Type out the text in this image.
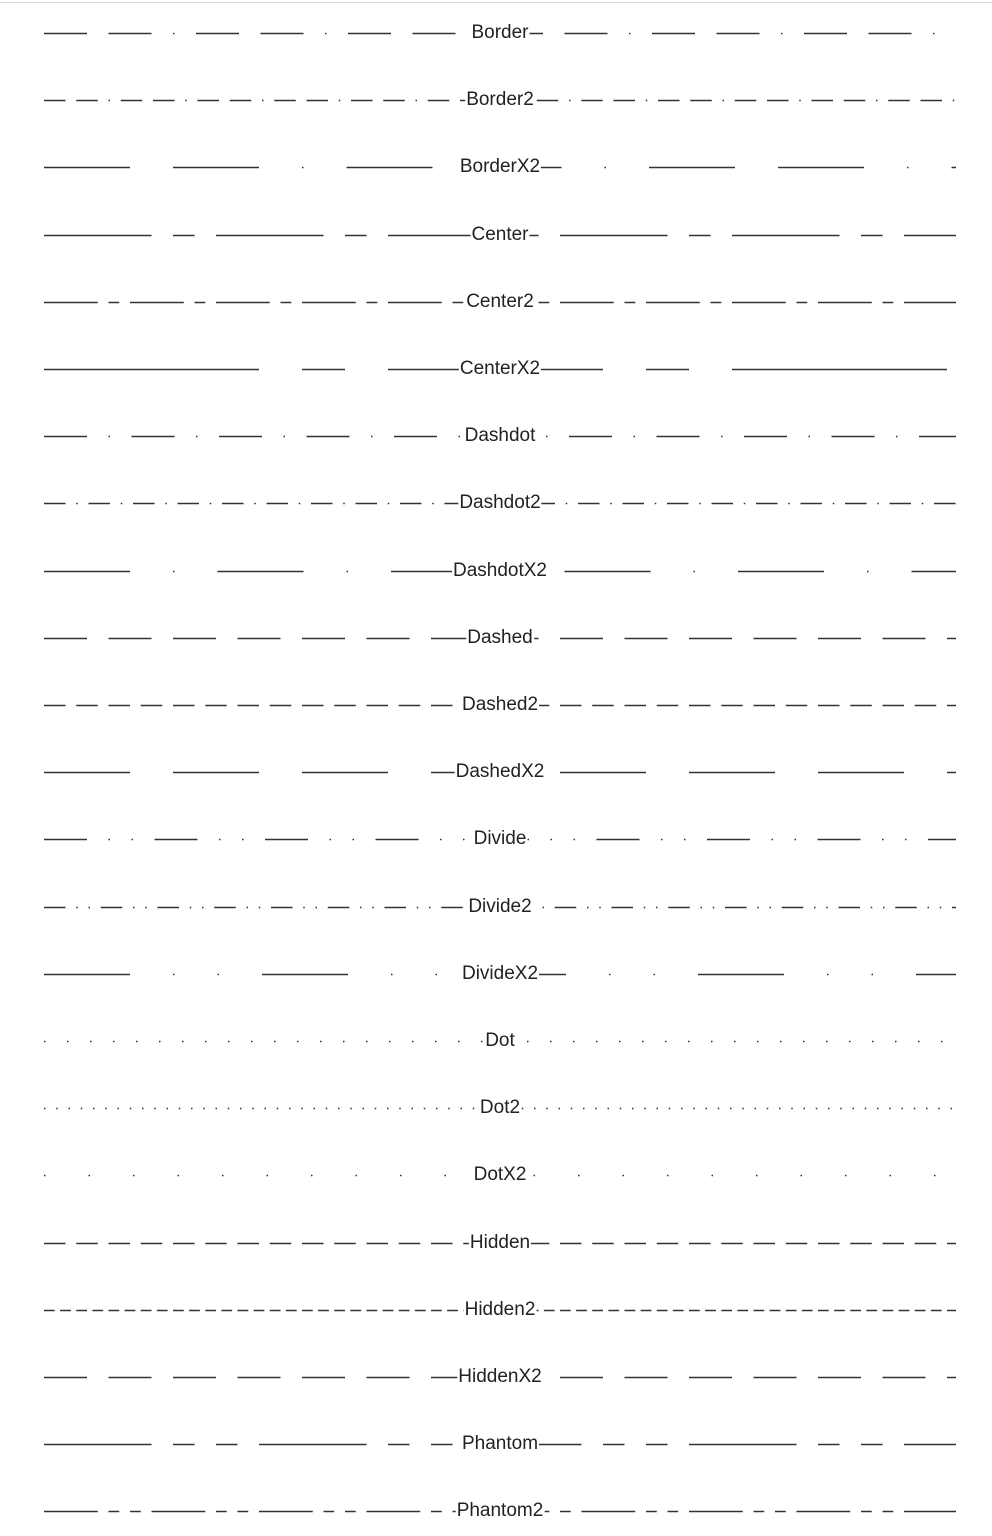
Border
Border2
BorderX2
Center
Center2
CenterX2
Dashdot
Dashdot2
DashdotX2
Dashed
Dashed2
DashedX2
Divide
Divide2
DivideX2
Dot
Dot2
DotX2
Hidden
Hidden2
HiddenX2
Phantom
Phantom2
